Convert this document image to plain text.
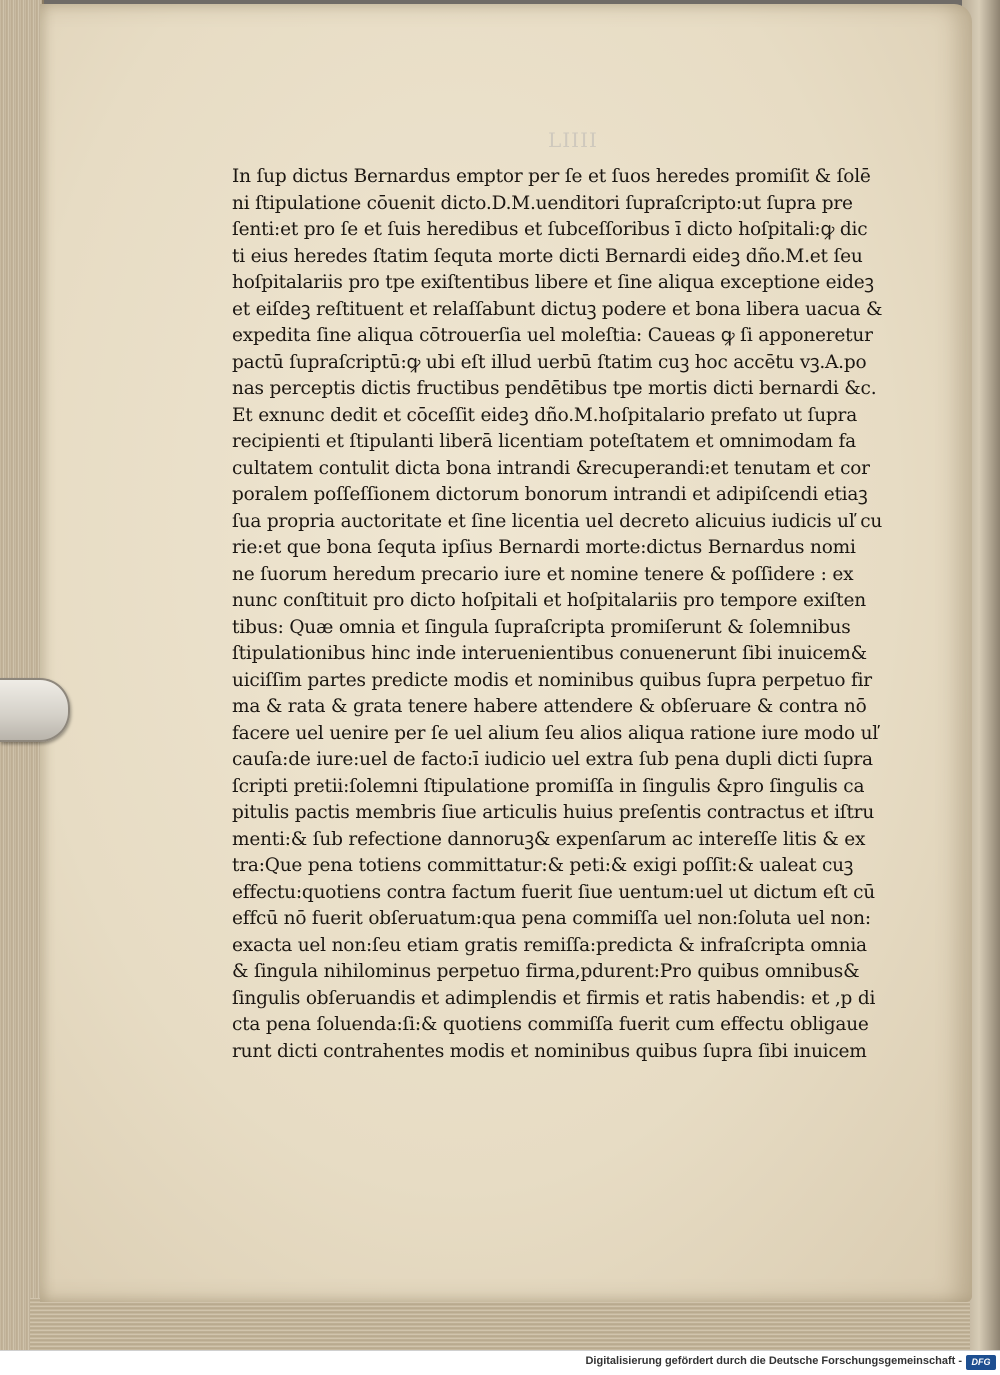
LIIII
In ſup dictus Bernardus emptor per ſe et ſuos heredes promiſit & ſolē
ni ſtipulatione cōuenit dicto.D.M.uenditori ſupraſcripto:ut ſupra pre
ſenti:et pro ſe et ſuis heredibus et ſubceſſoribus ī dicto hoſpitali:ꝙ dic
ti eius heredes ſtatim ſequta morte dicti Bernardi eideꝫ dño.M.et ſeu
hoſpitalariis pro tpe exiſtentibus libere et ſine aliqua exceptione eideꝫ
et eiſdeꝫ reſtituent et relaſſabunt dictuꝫ podere et bona libera uacua &
expedita ſine aliqua cōtrouerſia uel moleſtia: Caueas ꝙ ſi apponeretur
pactū ſupraſcriptū:ꝙ ubi eſt illud uerbū ſtatim cuꝫ hoc accētu vꝫ.A.po
nas perceptis dictis fructibus pendētibus tpe mortis dicti bernardi &c.
Et exnunc dedit et cōceſſit eideꝫ dño.M.hoſpitalario prefato ut ſupra
recipienti et ſtipulanti liberā licentiam poteſtatem et omnimodam fa
cultatem contulit dicta bona intrandi &recuperandi:et tenutam et cor
poralem poſſeſſionem dictorum bonorum intrandi et adipiſcendi etiaꝫ
ſua propria auctoritate et ſine licentia uel decreto alicuius iudicis uľ cu
rie:et que bona ſequta ipſius Bernardi morte:dictus Bernardus nomi
ne ſuorum heredum precario iure et nomine tenere & poſſidere : ex
nunc conſtituit pro dicto hoſpitali et hoſpitalariis pro tempore exiſten
tibus: Quæ omnia et ſingula ſupraſcripta promiſerunt & ſolemnibus
ſtipulationibus hinc inde interuenientibus conuenerunt ſibi inuicem&
uiciſſim partes predicte modis et nominibus quibus ſupra perpetuo fir
ma & rata & grata tenere habere attendere & obſeruare & contra nō
facere uel uenire per ſe uel alium ſeu alios aliqua ratione iure modo uľ
cauſa:de iure:uel de facto:ī iudicio uel extra ſub pena dupli dicti ſupra
ſcripti pretii:ſolemni ſtipulatione promiſſa in ſingulis &pro ſingulis ca
pitulis pactis membris ſiue articulis huius preſentis contractus et iſtru
menti:& ſub refectione dannoruꝫ& expenſarum ac intereſſe litis & ex
tra:Que pena totiens committatur:& peti:& exigi poſſit:& ualeat cuꝫ
effectu:quotiens contra factum fuerit ſiue uentum:uel ut dictum eſt cū
effcū nō fuerit obſeruatum:qua pena commiſſa uel non:ſoluta uel non:
exacta uel non:ſeu etiam gratis remiſſa:predicta & infraſcripta omnia
& ſingula nihilominus perpetuo firma,pdurent:Pro quibus omnibus&
ſingulis obſeruandis et adimplendis et firmis et ratis habendis: et ,p di
cta pena ſoluenda:ſi:& quotiens commiſſa fuerit cum effectu obligaue
runt dicti contrahentes modis et nominibus quibus ſupra ſibi inuicem
Digitalisierung gefördert durch die Deutsche Forschungsgemeinschaft -	DFG
